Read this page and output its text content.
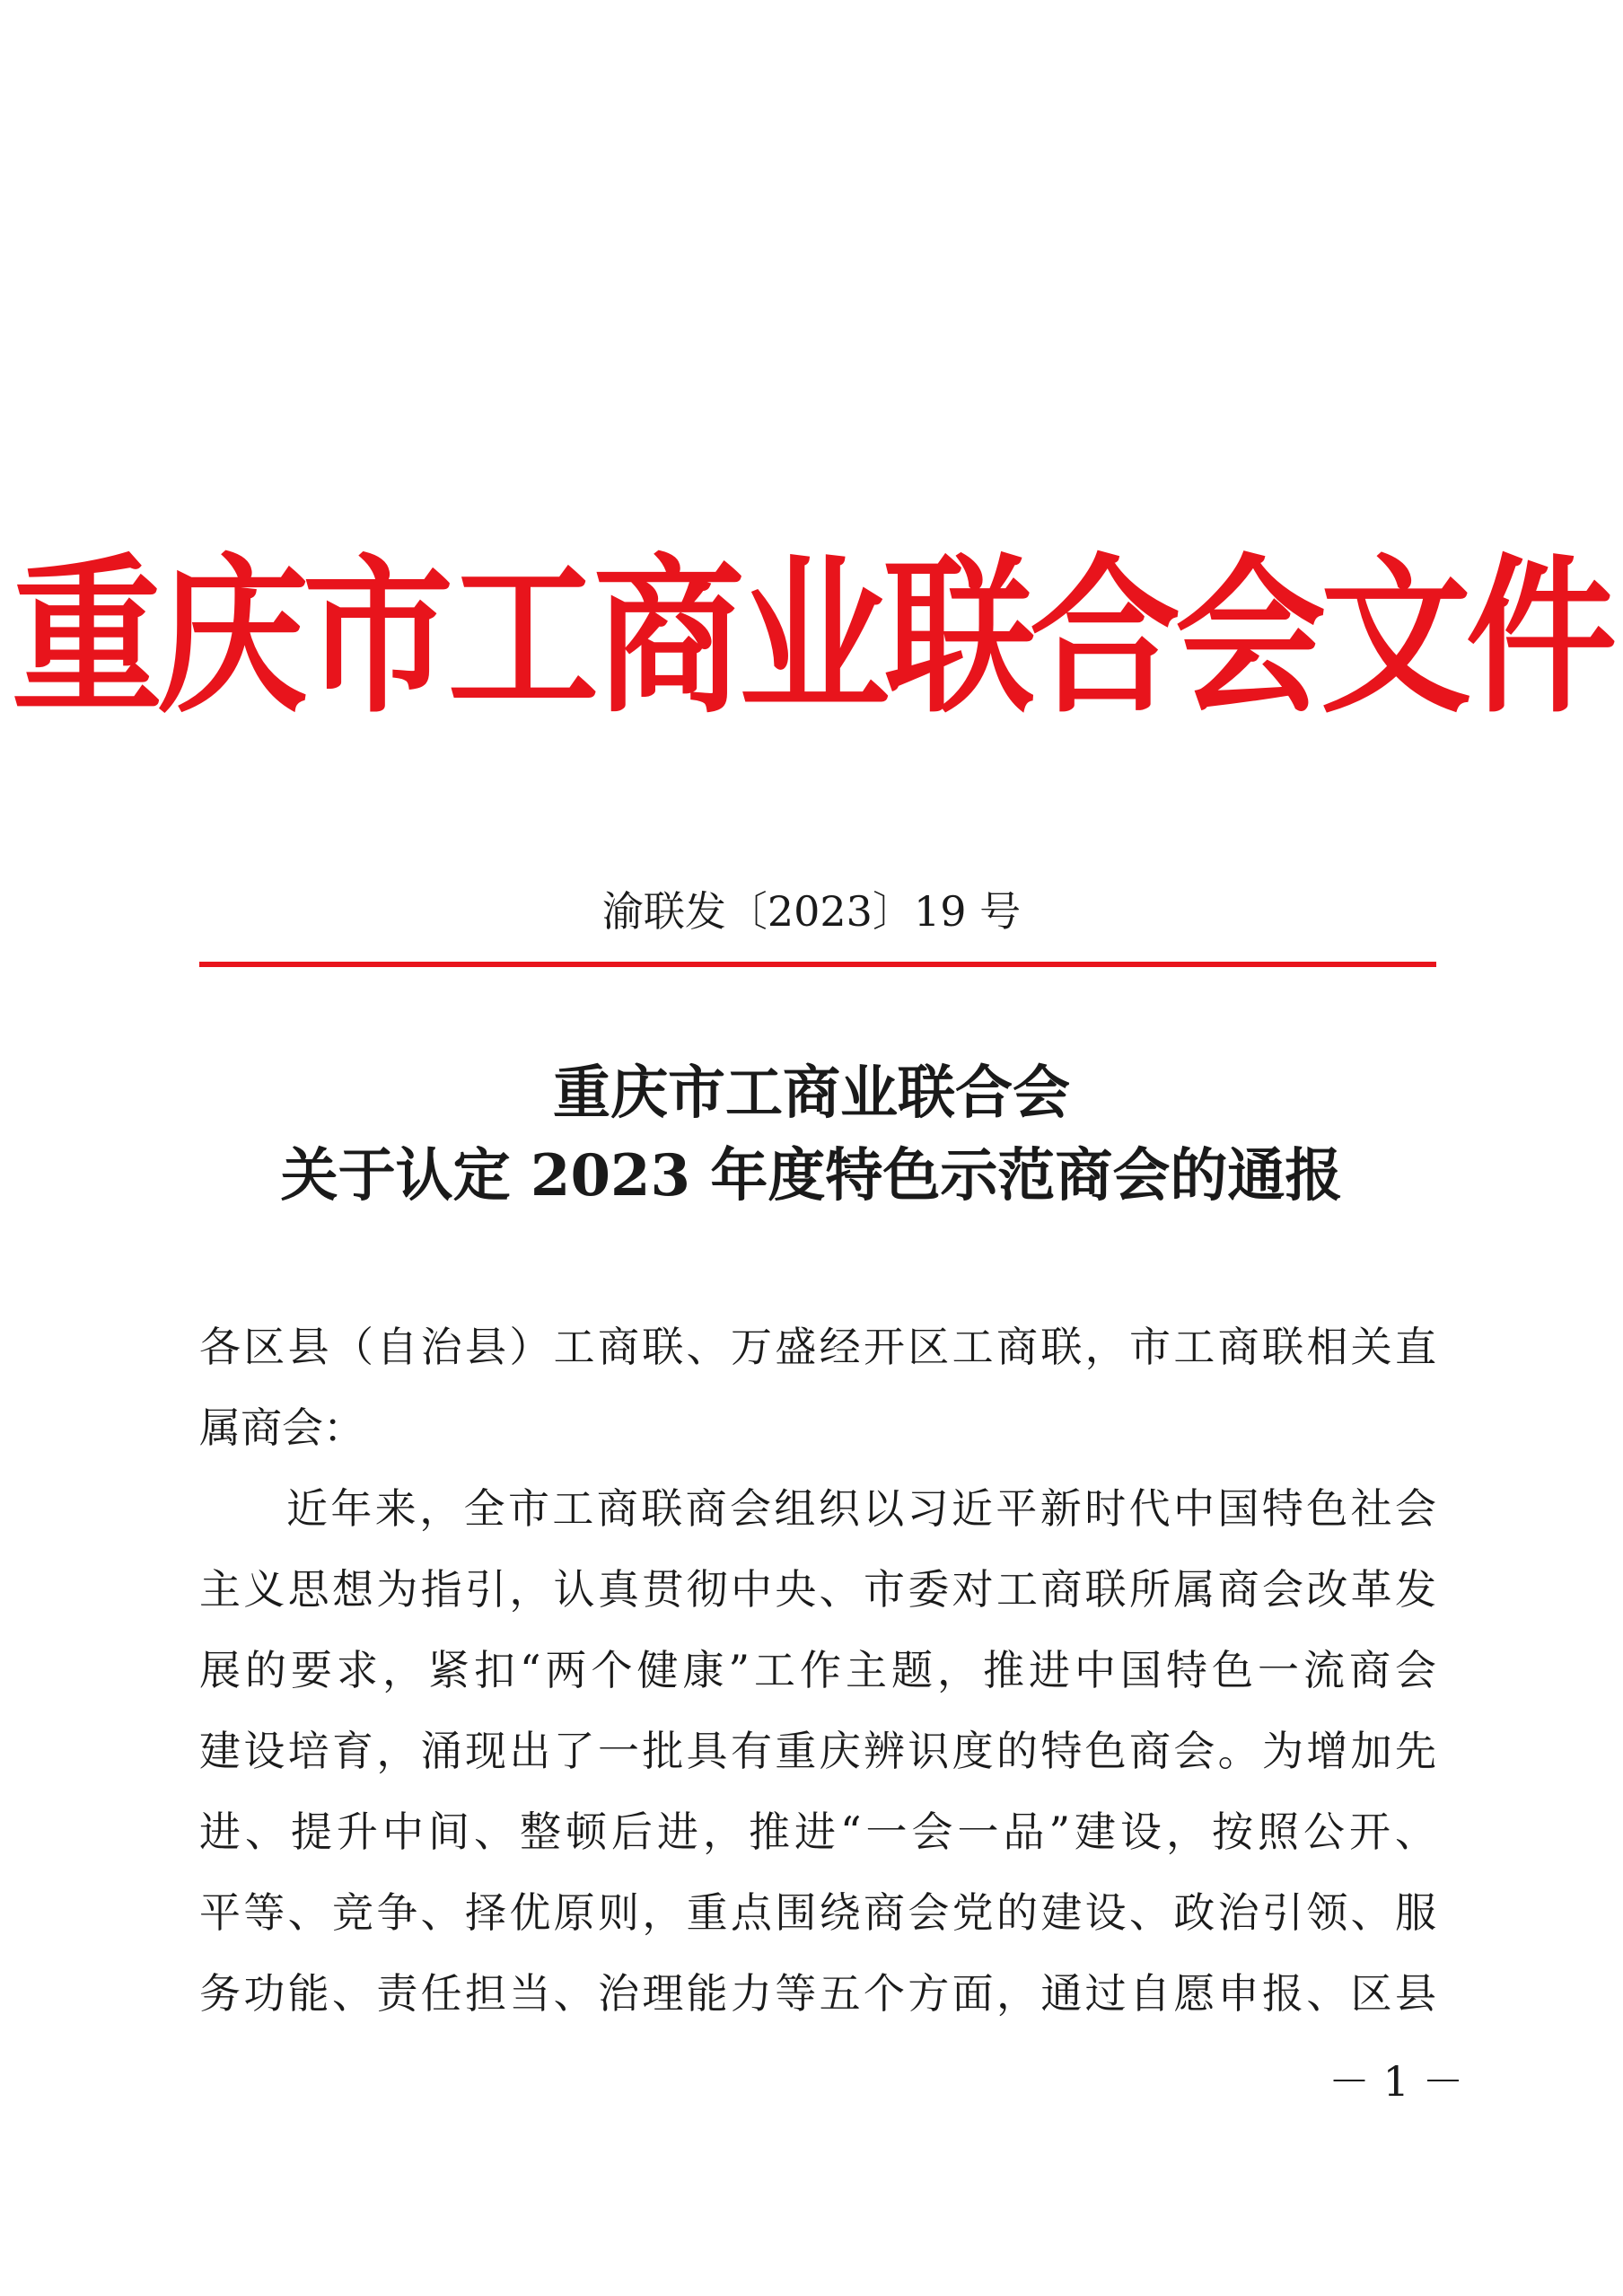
重庆市工商业联合会文件
渝联发〔2023〕19 号
重庆市工商业联合会
关于认定 2023 年度特色示范商会的通报
各区县（自治县）工商联、万盛经开区工商联，市工商联相关直
属商会：
近年来，全市工商联商会组织以习近平新时代中国特色社会
主义思想为指引，认真贯彻中央、市委对工商联所属商会改革发
展的要求，紧扣“两个健康”工作主题，推进中国特色一流商会
建设培育，涌现出了一批具有重庆辨识度的特色商会。为增加先
进、提升中间、整顿后进，推进“一会一品”建设，按照公开、
平等、竞争、择优原则，重点围绕商会党的建设、政治引领、服
务功能、责任担当、治理能力等五个方面，通过自愿申报、区县
－ 1 －
